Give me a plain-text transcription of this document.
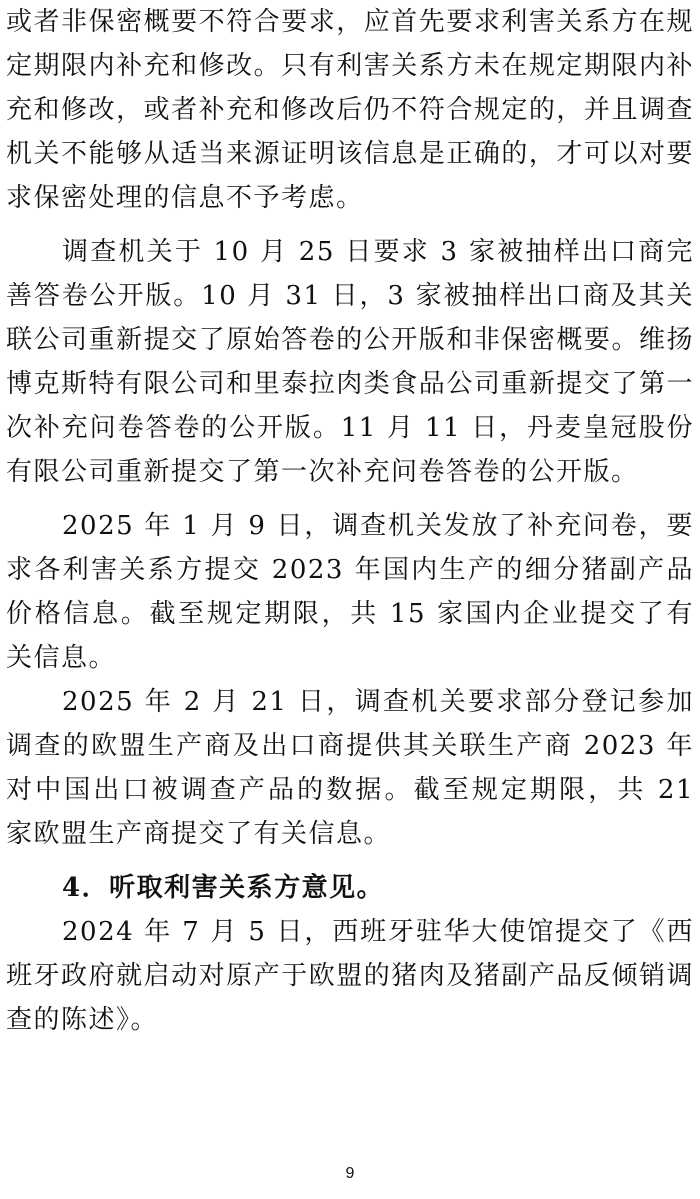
或者非保密概要不符合要求，应首先要求利害关系方在规定期限内补充和修改。只有利害关系方未在规定期限内补充和修改，或者补充和修改后仍不符合规定的，并且调查机关不能够从适当来源证明该信息是正确的，才可以对要求保密处理的信息不予考虑。

调查机关于 10 月 25 日要求 3 家被抽样出口商完善答卷公开版。10 月 31 日，3 家被抽样出口商及其关联公司重新提交了原始答卷的公开版和非保密概要。维扬博克斯特有限公司和里泰拉肉类食品公司重新提交了第一次补充问卷答卷的公开版。11 月 11 日，丹麦皇冠股份有限公司重新提交了第一次补充问卷答卷的公开版。

2025 年 1 月 9 日，调查机关发放了补充问卷，要求各利害关系方提交 2023 年国内生产的细分猪副产品价格信息。截至规定期限，共 15 家国内企业提交了有关信息。

2025 年 2 月 21 日，调查机关要求部分登记参加调查的欧盟生产商及出口商提供其关联生产商 2023 年对中国出口被调查产品的数据。截至规定期限，共 21 家欧盟生产商提交了有关信息。

4．听取利害关系方意见。

2024 年 7 月 5 日，西班牙驻华大使馆提交了《西班牙政府就启动对原产于欧盟的猪肉及猪副产品反倾销调查的陈述》。

9
